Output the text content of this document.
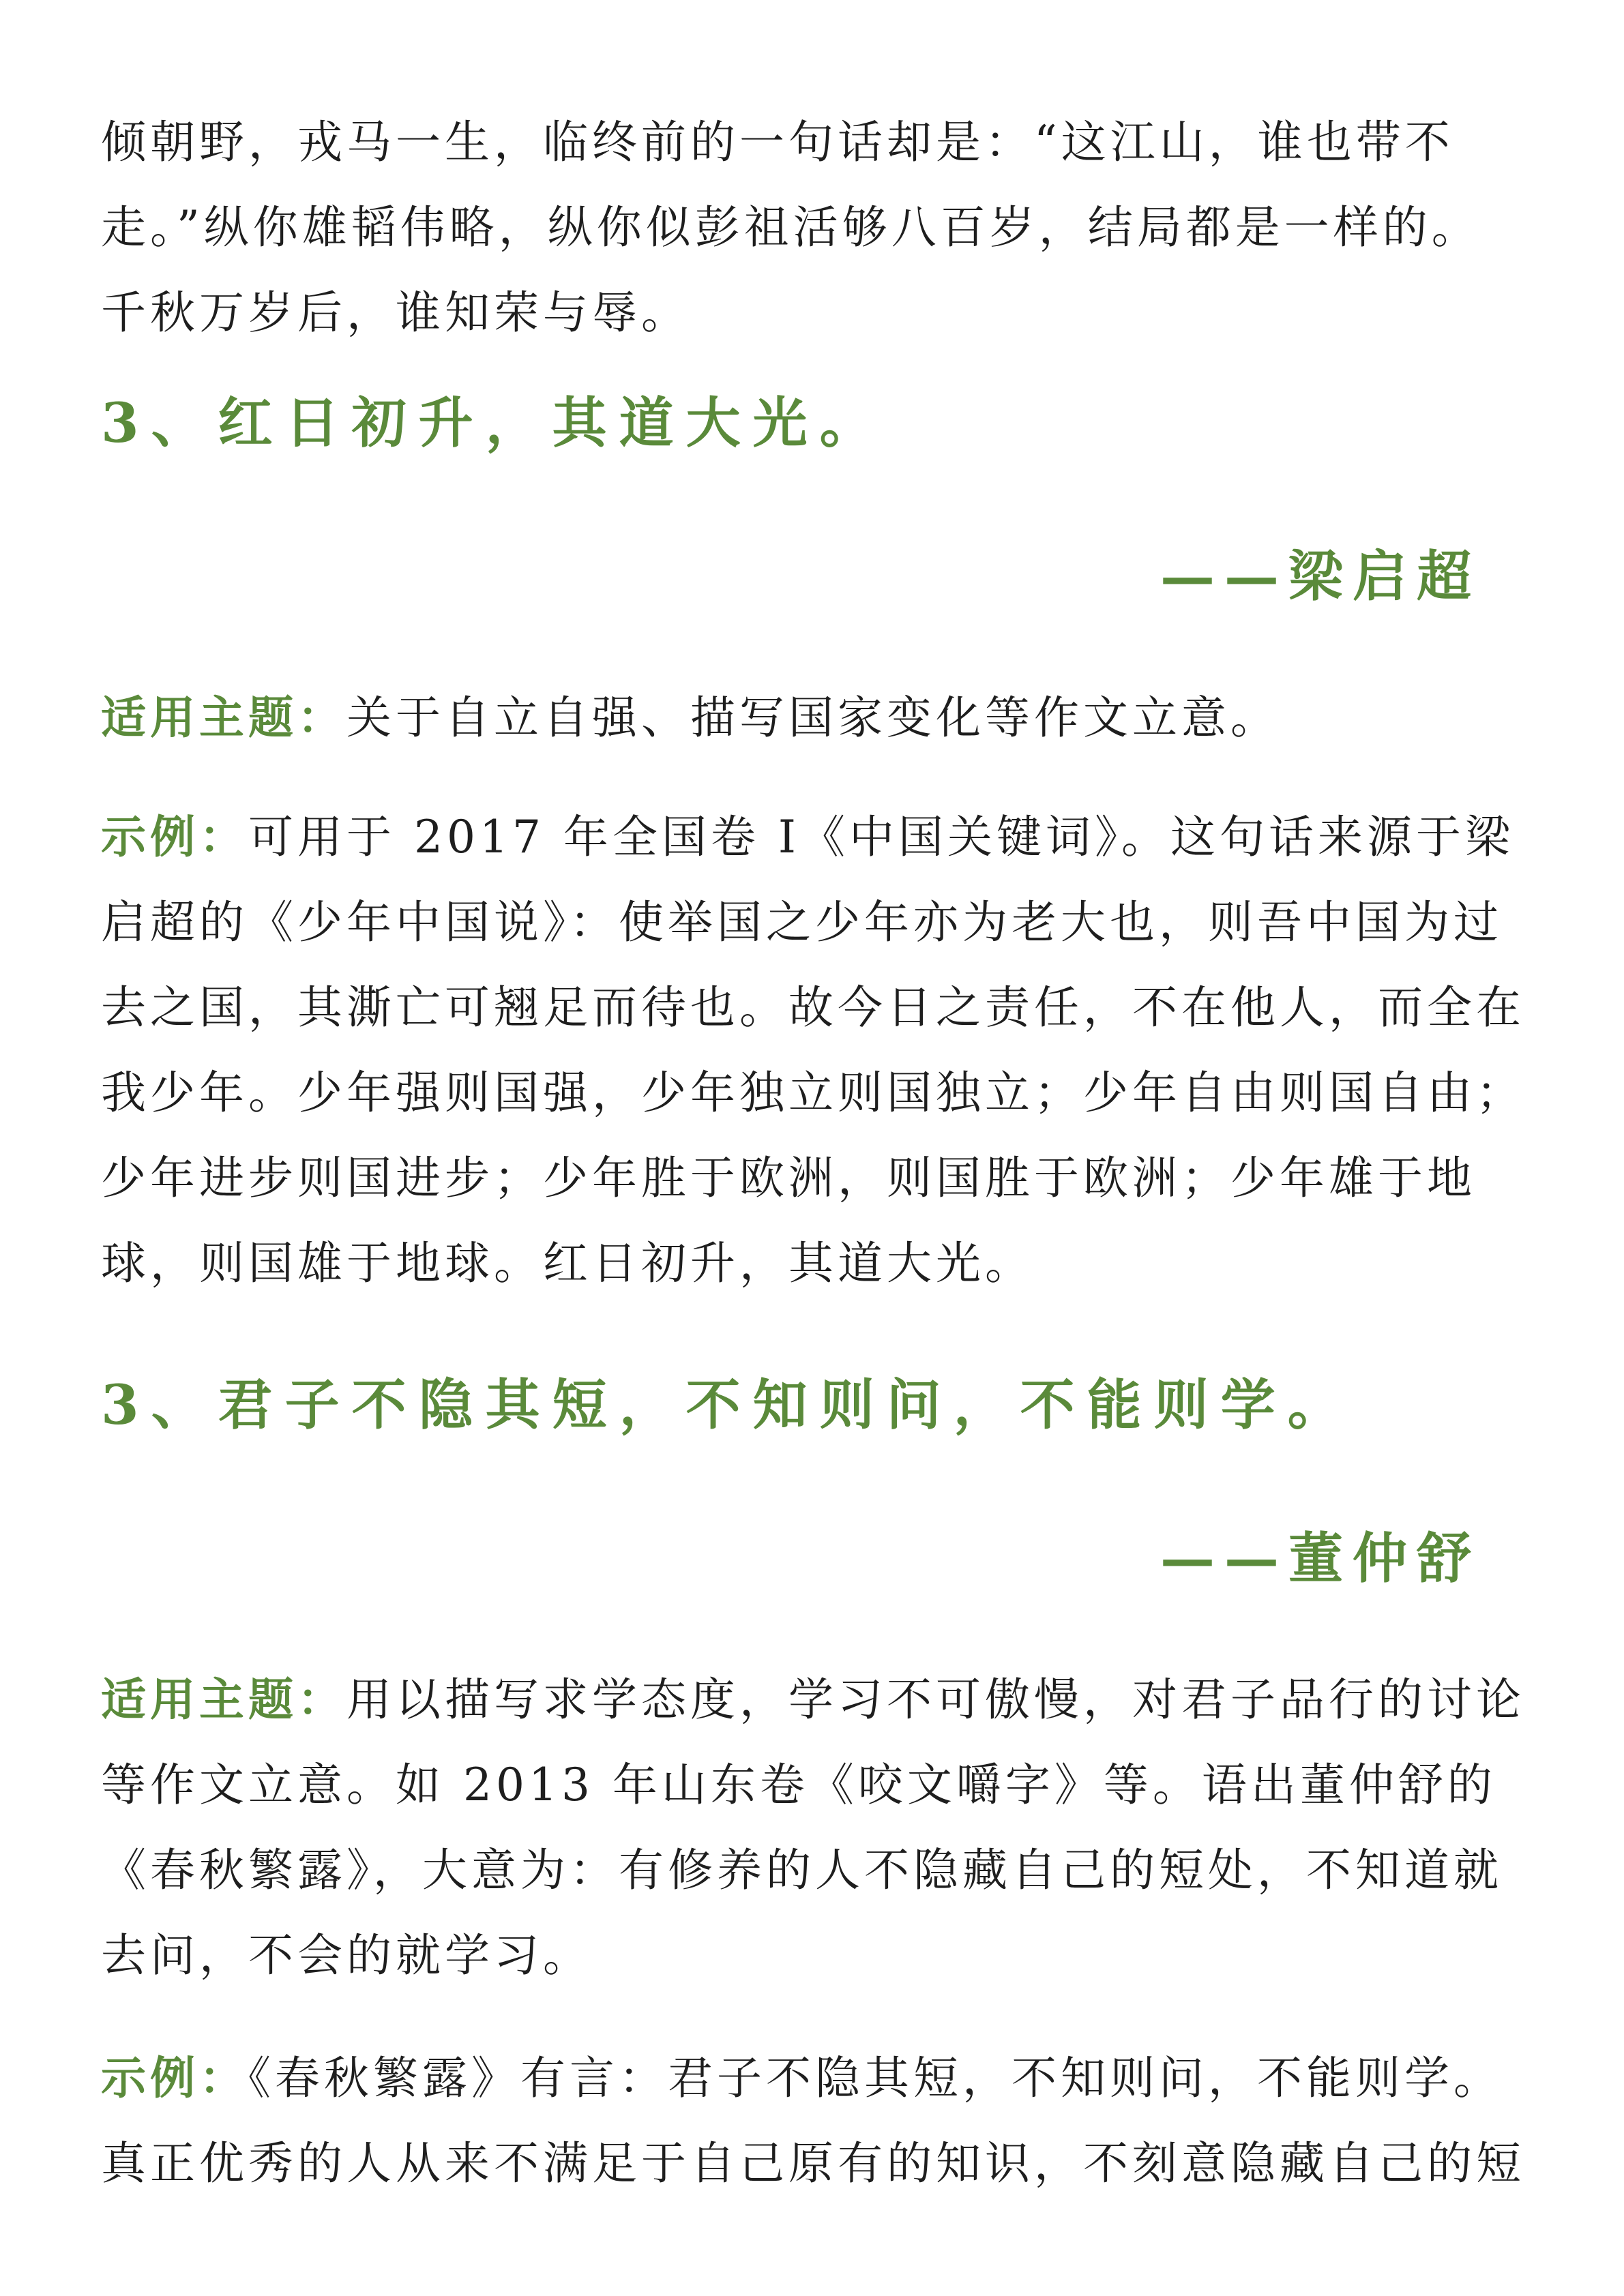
倾朝野，戎马一生，临终前的一句话却是：“这江山，谁也带不走。”纵你雄韬伟略，纵你似彭祖活够八百岁，结局都是一样的。千秋万岁后，谁知荣与辱。

3、红日初升，其道大光。
——梁启超

适用主题：关于自立自强、描写国家变化等作文立意。

示例：可用于 2017 年全国卷 I《中国关键词》。这句话来源于梁启超的《少年中国说》：使举国之少年亦为老大也，则吾中国为过去之国，其澌亡可翘足而待也。故今日之责任，不在他人，而全在我少年。少年强则国强，少年独立则国独立；少年自由则国自由；少年进步则国进步；少年胜于欧洲，则国胜于欧洲；少年雄于地球，则国雄于地球。红日初升，其道大光。

3、君子不隐其短，不知则问，不能则学。
——董仲舒

适用主题：用以描写求学态度，学习不可傲慢，对君子品行的讨论等作文立意。如 2013 年山东卷《咬文嚼字》等。语出董仲舒的《春秋繁露》，大意为：有修养的人不隐藏自己的短处，不知道就去问，不会的就学习。

示例：《春秋繁露》有言：君子不隐其短，不知则问，不能则学。真正优秀的人从来不满足于自己原有的知识，不刻意隐藏自己的短
